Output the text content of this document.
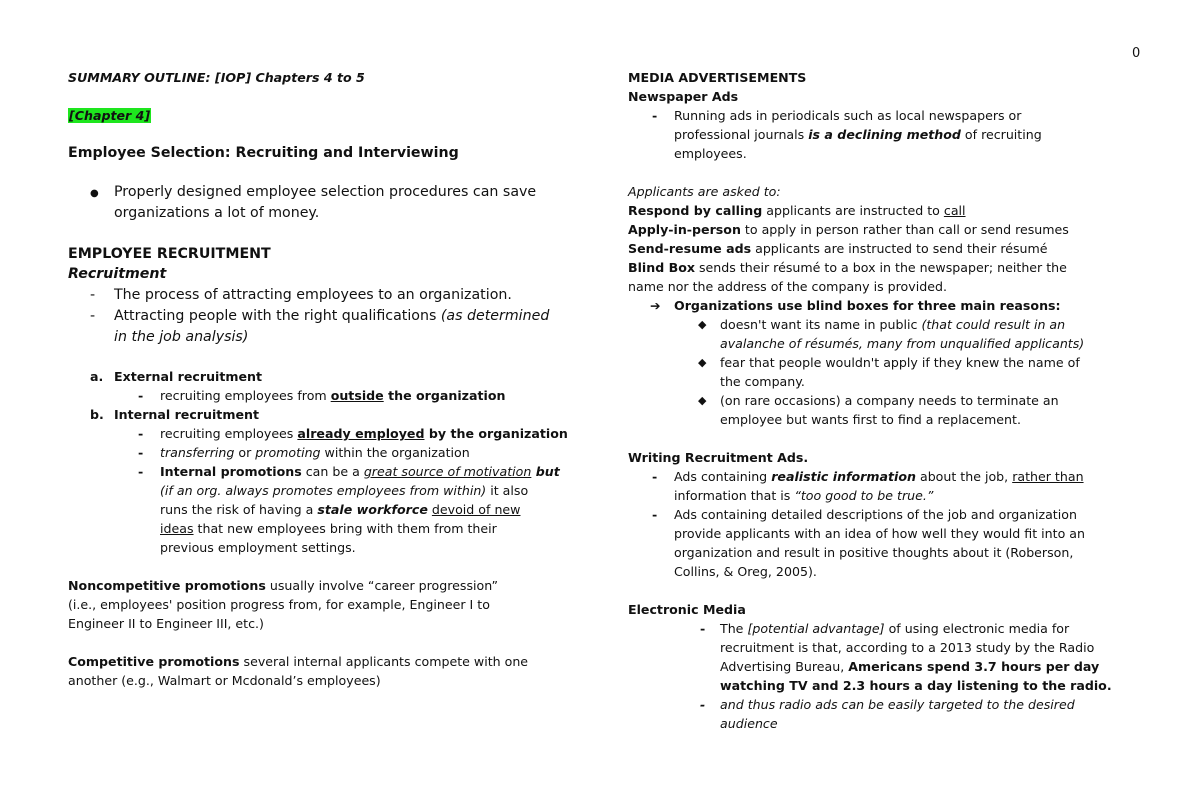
0
SUMMARY OUTLINE: [IOP] Chapters 4 to 5
[Chapter 4]
Employee Selection: Recruiting and Interviewing
● Properly designed employee selection procedures can save
organizations a lot of money.
EMPLOYEE RECRUITMENT
Recruitment
- The process of attracting employees to an organization.
- Attracting people with the right qualifications (as determined
in the job analysis)
a. External recruitment
- recruiting employees from outside the organization
b. Internal recruitment
- recruiting employees already employed by the organization
- transferring or promoting within the organization
- Internal promotions can be a great source of motivation but
(if an org. always promotes employees from within) it also
runs the risk of having a stale workforce devoid of new
ideas that new employees bring with them from their
previous employment settings.
Noncompetitive promotions usually involve “career progression”
(i.e., employees' position progress from, for example, Engineer I to
Engineer II to Engineer III, etc.)
Competitive promotions several internal applicants compete with one
another (e.g., Walmart or Mcdonald’s employees)
MEDIA ADVERTISEMENTS
Newspaper Ads
- Running ads in periodicals such as local newspapers or
professional journals is a declining method of recruiting
employees.
Applicants are asked to:
Respond by calling applicants are instructed to call
Apply-in-person to apply in person rather than call or send resumes
Send-resume ads applicants are instructed to send their résumé
Blind Box sends their résumé to a box in the newspaper; neither the
name nor the address of the company is provided.
➔ Organizations use blind boxes for three main reasons:
◆ doesn't want its name in public (that could result in an
avalanche of résumés, many from unqualified applicants)
◆ fear that people wouldn't apply if they knew the name of
the company.
◆ (on rare occasions) a company needs to terminate an
employee but wants first to find a replacement.
Writing Recruitment Ads.
- Ads containing realistic information about the job, rather than
information that is “too good to be true.”
- Ads containing detailed descriptions of the job and organization
provide applicants with an idea of how well they would fit into an
organization and result in positive thoughts about it (Roberson,
Collins, & Oreg, 2005).
Electronic Media
- The [potential advantage] of using electronic media for
recruitment is that, according to a 2013 study by the Radio
Advertising Bureau, Americans spend 3.7 hours per day
watching TV and 2.3 hours a day listening to the radio.
- and thus radio ads can be easily targeted to the desired
audience
